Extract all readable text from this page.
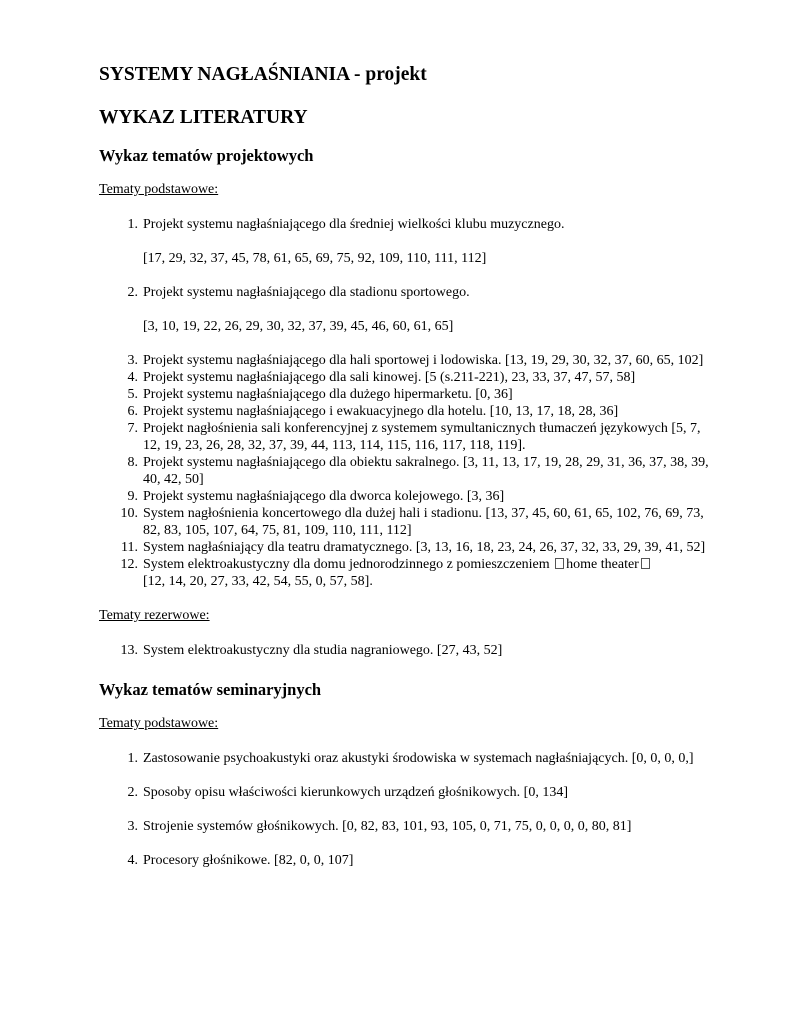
SYSTEMY NAGŁAŚNIANIA - projekt
WYKAZ LITERATURY
Wykaz tematów projektowych

Tematy podstawowe:

1. Projekt systemu nagłaśniającego dla średniej wielkości klubu muzycznego.
[17, 29, 32, 37, 45, 78, 61, 65, 69, 75, 92, 109, 110, 111, 112]
2. Projekt systemu nagłaśniającego dla stadionu sportowego.
[3, 10, 19, 22, 26, 29, 30, 32, 37, 39, 45, 46, 60, 61, 65]
3. Projekt systemu nagłaśniającego dla hali sportowej i lodowiska. [13, 19, 29, 30, 32, 37, 60, 65, 102]
4. Projekt systemu nagłaśniającego dla sali kinowej. [5 (s.211-221), 23, 33, 37, 47, 57, 58]
5. Projekt systemu nagłaśniającego dla dużego hipermarketu. [0, 36]
6. Projekt systemu nagłaśniającego i ewakuacyjnego dla hotelu. [10, 13, 17, 18, 28, 36]
7. Projekt nagłośnienia sali konferencyjnej z systemem symultanicznych tłumaczeń językowych [5, 7, 12, 19, 23, 26, 28, 32, 37, 39, 44, 113, 114, 115, 116, 117, 118, 119].
8. Projekt systemu nagłaśniającego dla obiektu sakralnego. [3, 11, 13, 17, 19, 28, 29, 31, 36, 37, 38, 39, 40, 42, 50]
9. Projekt systemu nagłaśniającego dla dworca kolejowego. [3, 36]
10. System nagłośnienia koncertowego dla dużej hali i stadionu. [13, 37, 45, 60, 61, 65, 102, 76, 69, 73, 82, 83, 105, 107, 64, 75, 81, 109, 110, 111, 112]
11. System nagłaśniający dla teatru dramatycznego. [3, 13, 16, 18, 23, 24, 26, 37, 32, 33, 29, 39, 41, 52]
12. System elektroakustyczny dla domu jednorodzinnego z pomieszczeniem home theater
[12, 14, 20, 27, 33, 42, 54, 55, 0, 57, 58].

Tematy rezerwowe:

13. System elektroakustyczny dla studia nagraniowego. [27, 43, 52]
Wykaz tematów seminaryjnych

Tematy podstawowe:

1. Zastosowanie psychoakustyki oraz akustyki środowiska w systemach nagłaśniających. [0, 0, 0, 0,]
2. Sposoby opisu właściwości kierunkowych urządzeń głośnikowych. [0, 134]
3. Strojenie systemów głośnikowych. [0, 82, 83, 101, 93, 105, 0, 71, 75, 0, 0, 0, 0, 80, 81]
4. Procesory głośnikowe. [82, 0, 0, 107]
